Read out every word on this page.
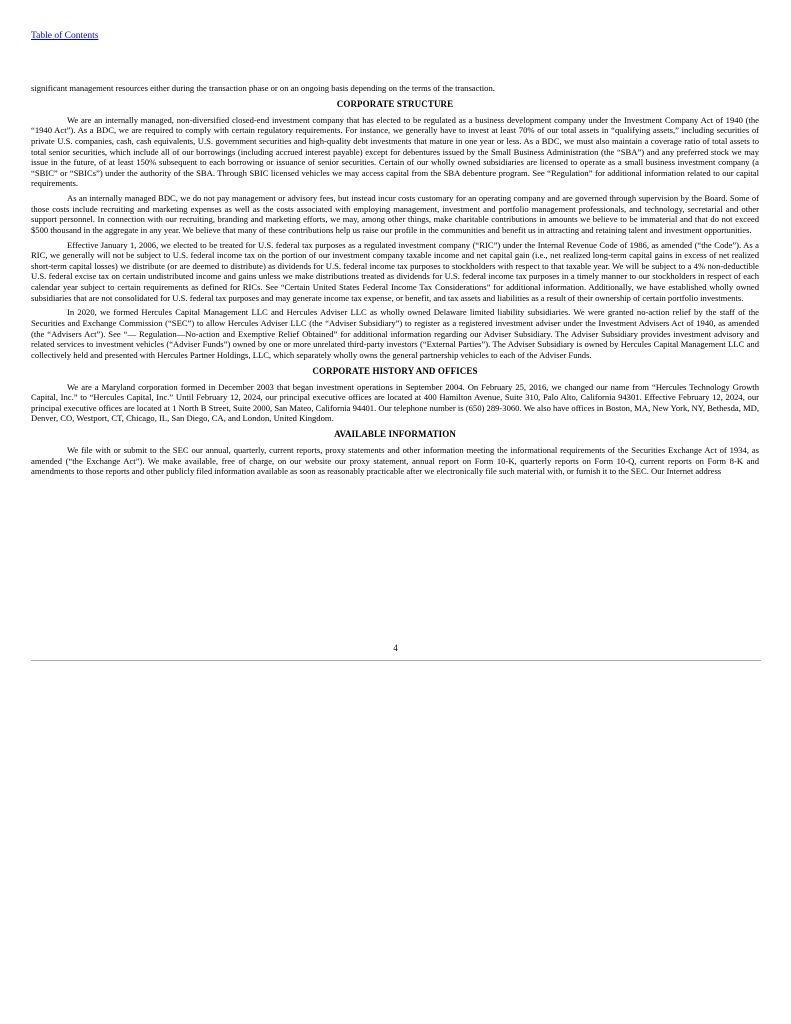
Table of Contents

significant management resources either during the transaction phase or on an ongoing basis depending on the terms of the transaction.

CORPORATE STRUCTURE

We are an internally managed, non-diversified closed-end investment company that has elected to be regulated as a business development company under the Investment Company Act of 1940 (the “1940 Act”). As a BDC, we are required to comply with certain regulatory requirements. For instance, we generally have to invest at least 70% of our total assets in “qualifying assets,” including securities of private U.S. companies, cash, cash equivalents, U.S. government securities and high-quality debt investments that mature in one year or less. As a BDC, we must also maintain a coverage ratio of total assets to total senior securities, which include all of our borrowings (including accrued interest payable) except for debentures issued by the Small Business Administration (the “SBA”) and any preferred stock we may issue in the future, of at least 150% subsequent to each borrowing or issuance of senior securities. Certain of our wholly owned subsidiaries are licensed to operate as a small business investment company (a “SBIC” or “SBICs”) under the authority of the SBA. Through SBIC licensed vehicles we may access capital from the SBA debenture program. See “Regulation” for additional information related to our capital requirements.

As an internally managed BDC, we do not pay management or advisory fees, but instead incur costs customary for an operating company and are governed through supervision by the Board. Some of those costs include recruiting and marketing expenses as well as the costs associated with employing management, investment and portfolio management professionals, and technology, secretarial and other support personnel. In connection with our recruiting, branding and marketing efforts, we may, among other things, make charitable contributions in amounts we believe to be immaterial and that do not exceed $500 thousand in the aggregate in any year. We believe that many of these contributions help us raise our profile in the communities and benefit us in attracting and retaining talent and investment opportunities.

Effective January 1, 2006, we elected to be treated for U.S. federal tax purposes as a regulated investment company (“RIC”) under the Internal Revenue Code of 1986, as amended (“the Code”). As a RIC, we generally will not be subject to U.S. federal income tax on the portion of our investment company taxable income and net capital gain (i.e., net realized long-term capital gains in excess of net realized short-term capital losses) we distribute (or are deemed to distribute) as dividends for U.S. federal income tax purposes to stockholders with respect to that taxable year. We will be subject to a 4% non-deductible U.S. federal excise tax on certain undistributed income and gains unless we make distributions treated as dividends for U.S. federal income tax purposes in a timely manner to our stockholders in respect of each calendar year subject to certain requirements as defined for RICs. See “Certain United States Federal Income Tax Considerations” for additional information. Additionally, we have established wholly owned subsidiaries that are not consolidated for U.S. federal tax purposes and may generate income tax expense, or benefit, and tax assets and liabilities as a result of their ownership of certain portfolio investments.

In 2020, we formed Hercules Capital Management LLC and Hercules Adviser LLC as wholly owned Delaware limited liability subsidiaries. We were granted no-action relief by the staff of the Securities and Exchange Commission (“SEC”) to allow Hercules Adviser LLC (the “Adviser Subsidiary”) to register as a registered investment adviser under the Investment Advisers Act of 1940, as amended (the “Advisers Act”). See “— Regulation—No-action and Exemptive Relief Obtained” for additional information regarding our Adviser Subsidiary. The Adviser Subsidiary provides investment advisory and related services to investment vehicles (“Adviser Funds”) owned by one or more unrelated third-party investors (“External Parties”). The Adviser Subsidiary is owned by Hercules Capital Management LLC and collectively held and presented with Hercules Partner Holdings, LLC, which separately wholly owns the general partnership vehicles to each of the Adviser Funds.

CORPORATE HISTORY AND OFFICES

We are a Maryland corporation formed in December 2003 that began investment operations in September 2004. On February 25, 2016, we changed our name from “Hercules Technology Growth Capital, Inc.” to “Hercules Capital, Inc.” Until February 12, 2024, our principal executive offices are located at 400 Hamilton Avenue, Suite 310, Palo Alto, California 94301. Effective February 12, 2024, our principal executive offices are located at 1 North B Street, Suite 2000, San Mateo, California 94401. Our telephone number is (650) 289-3060. We also have offices in Boston, MA, New York, NY, Bethesda, MD, Denver, CO, Westport, CT, Chicago, IL, San Diego, CA, and London, United Kingdom.

AVAILABLE INFORMATION

We file with or submit to the SEC our annual, quarterly, current reports, proxy statements and other information meeting the informational requirements of the Securities Exchange Act of 1934, as amended (“the Exchange Act”). We make available, free of charge, on our website our proxy statement, annual report on Form 10-K, quarterly reports on Form 10-Q, current reports on Form 8-K and amendments to those reports and other publicly filed information available as soon as reasonably practicable after we electronically file such material with, or furnish it to the SEC. Our Internet address

4
